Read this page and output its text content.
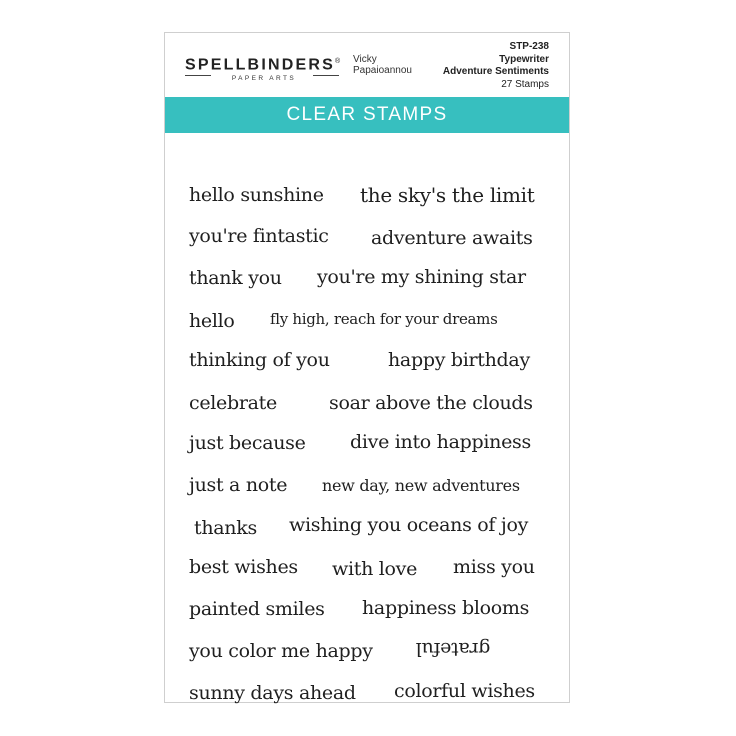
SPELLBINDERS®
PAPER ARTS
Vicky
Papaioannou
STP-238
Typewriter
Adventure Sentiments
27 Stamps
CLEAR STAMPS
hello sunshine the sky's the limit
you're fintastic adventure awaits
thank you you're my shining star
hello fly high, reach for your dreams
thinking of you	happy birthday
celebrate	soar above the clouds
just because dive into happiness
just a note new day, new adventures
thanks wishing you oceans of joy
best wishes with love miss you
painted smiles happiness blooms
you color me happy grateful
sunny days ahead colorful wishes
